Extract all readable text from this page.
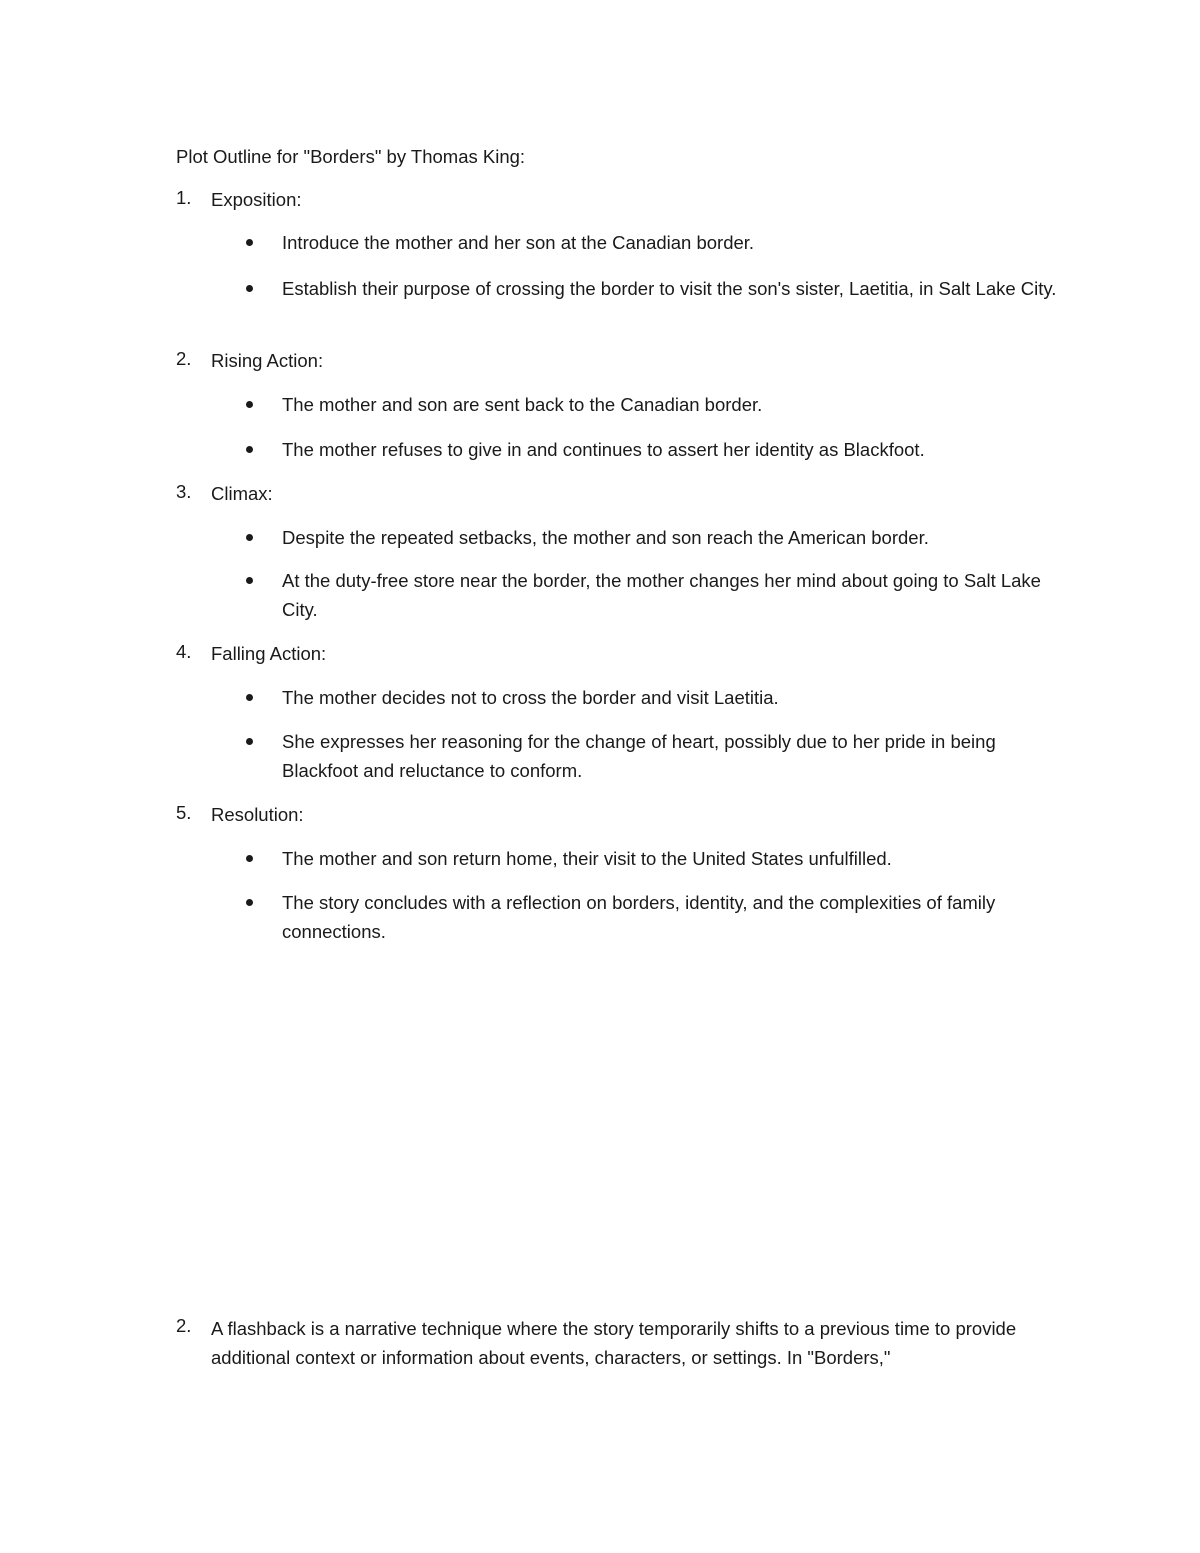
Plot Outline for "Borders" by Thomas King:
1.	Exposition:
Introduce the mother and her son at the Canadian border.
Establish their purpose of crossing the border to visit the son's sister, Laetitia, in Salt Lake City.
2.	Rising Action:
The mother and son are sent back to the Canadian border.
The mother refuses to give in and continues to assert her identity as Blackfoot.
3.	Climax:
Despite the repeated setbacks, the mother and son reach the American border.
At the duty-free store near the border, the mother changes her mind about going to Salt Lake City.
4.	Falling Action:
The mother decides not to cross the border and visit Laetitia.
She expresses her reasoning for the change of heart, possibly due to her pride in being Blackfoot and reluctance to conform.
5.	Resolution:
The mother and son return home, their visit to the United States unfulfilled.
The story concludes with a reflection on borders, identity, and the complexities of family connections.
2.	A flashback is a narrative technique where the story temporarily shifts to a previous time to provide additional context or information about events, characters, or settings. In "Borders,"
